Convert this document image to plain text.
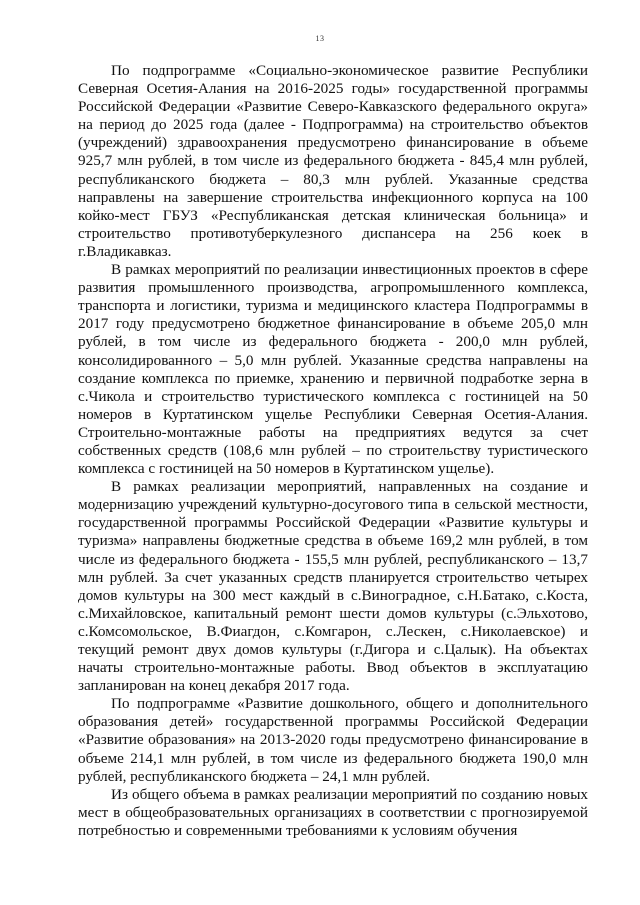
13

По подпрограмме «Социально-экономическое развитие Республики Северная Осетия-Алания на 2016-2025 годы» государственной программы Российской Федерации «Развитие Северо-Кавказского федерального округа» на период до 2025 года (далее - Подпрограмма) на строительство объектов (учреждений) здравоохранения предусмотрено финансирование в объеме 925,7 млн рублей, в том числе из федерального бюджета - 845,4 млн рублей, республиканского бюджета – 80,3 млн рублей. Указанные средства направлены на завершение строительства инфекционного корпуса на 100 койко-мест ГБУЗ «Республиканская детская клиническая больница» и строительство противотуберкулезного диспансера на 256 коек в г.Владикавказ.

В рамках мероприятий по реализации инвестиционных проектов в сфере развития промышленного производства, агропромышленного комплекса, транспорта и логистики, туризма и медицинского кластера Подпрограммы в 2017 году предусмотрено бюджетное финансирование в объеме 205,0 млн рублей, в том числе из федерального бюджета - 200,0 млн рублей, консолидированного – 5,0 млн рублей. Указанные средства направлены на создание комплекса по приемке, хранению и первичной подработке зерна в с.Чикола и строительство туристического комплекса с гостиницей на 50 номеров в Куртатинском ущелье Республики Северная Осетия-Алания. Строительно-монтажные работы на предприятиях ведутся за счет собственных средств (108,6 млн рублей – по строительству туристического комплекса с гостиницей на 50 номеров в Куртатинском ущелье).

В рамках реализации мероприятий, направленных на создание и модернизацию учреждений культурно-досугового типа в сельской местности, государственной программы Российской Федерации «Развитие культуры и туризма» направлены бюджетные средства в объеме 169,2 млн рублей, в том числе из федерального бюджета - 155,5 млн рублей, республиканского – 13,7 млн рублей. За счет указанных средств планируется строительство четырех домов культуры на 300 мест каждый в с.Виноградное, с.Н.Батако, с.Коста, с.Михайловское, капитальный ремонт шести домов культуры (с.Эльхотово, с.Комсомольское, В.Фиагдон, с.Комгарон, с.Лескен, с.Николаевское) и текущий ремонт двух домов культуры (г.Дигора и с.Цалык). На объектах начаты строительно-монтажные работы. Ввод объектов в эксплуатацию запланирован на конец декабря 2017 года.

По подпрограмме «Развитие дошкольного, общего и дополнительного образования детей» государственной программы Российской Федерации «Развитие образования» на 2013-2020 годы предусмотрено финансирование в объеме 214,1 млн рублей, в том числе из федерального бюджета 190,0 млн рублей, республиканского бюджета – 24,1 млн рублей.

Из общего объема в рамках реализации мероприятий по созданию новых мест в общеобразовательных организациях в соответствии с прогнозируемой потребностью и современными требованиями к условиям обучения
